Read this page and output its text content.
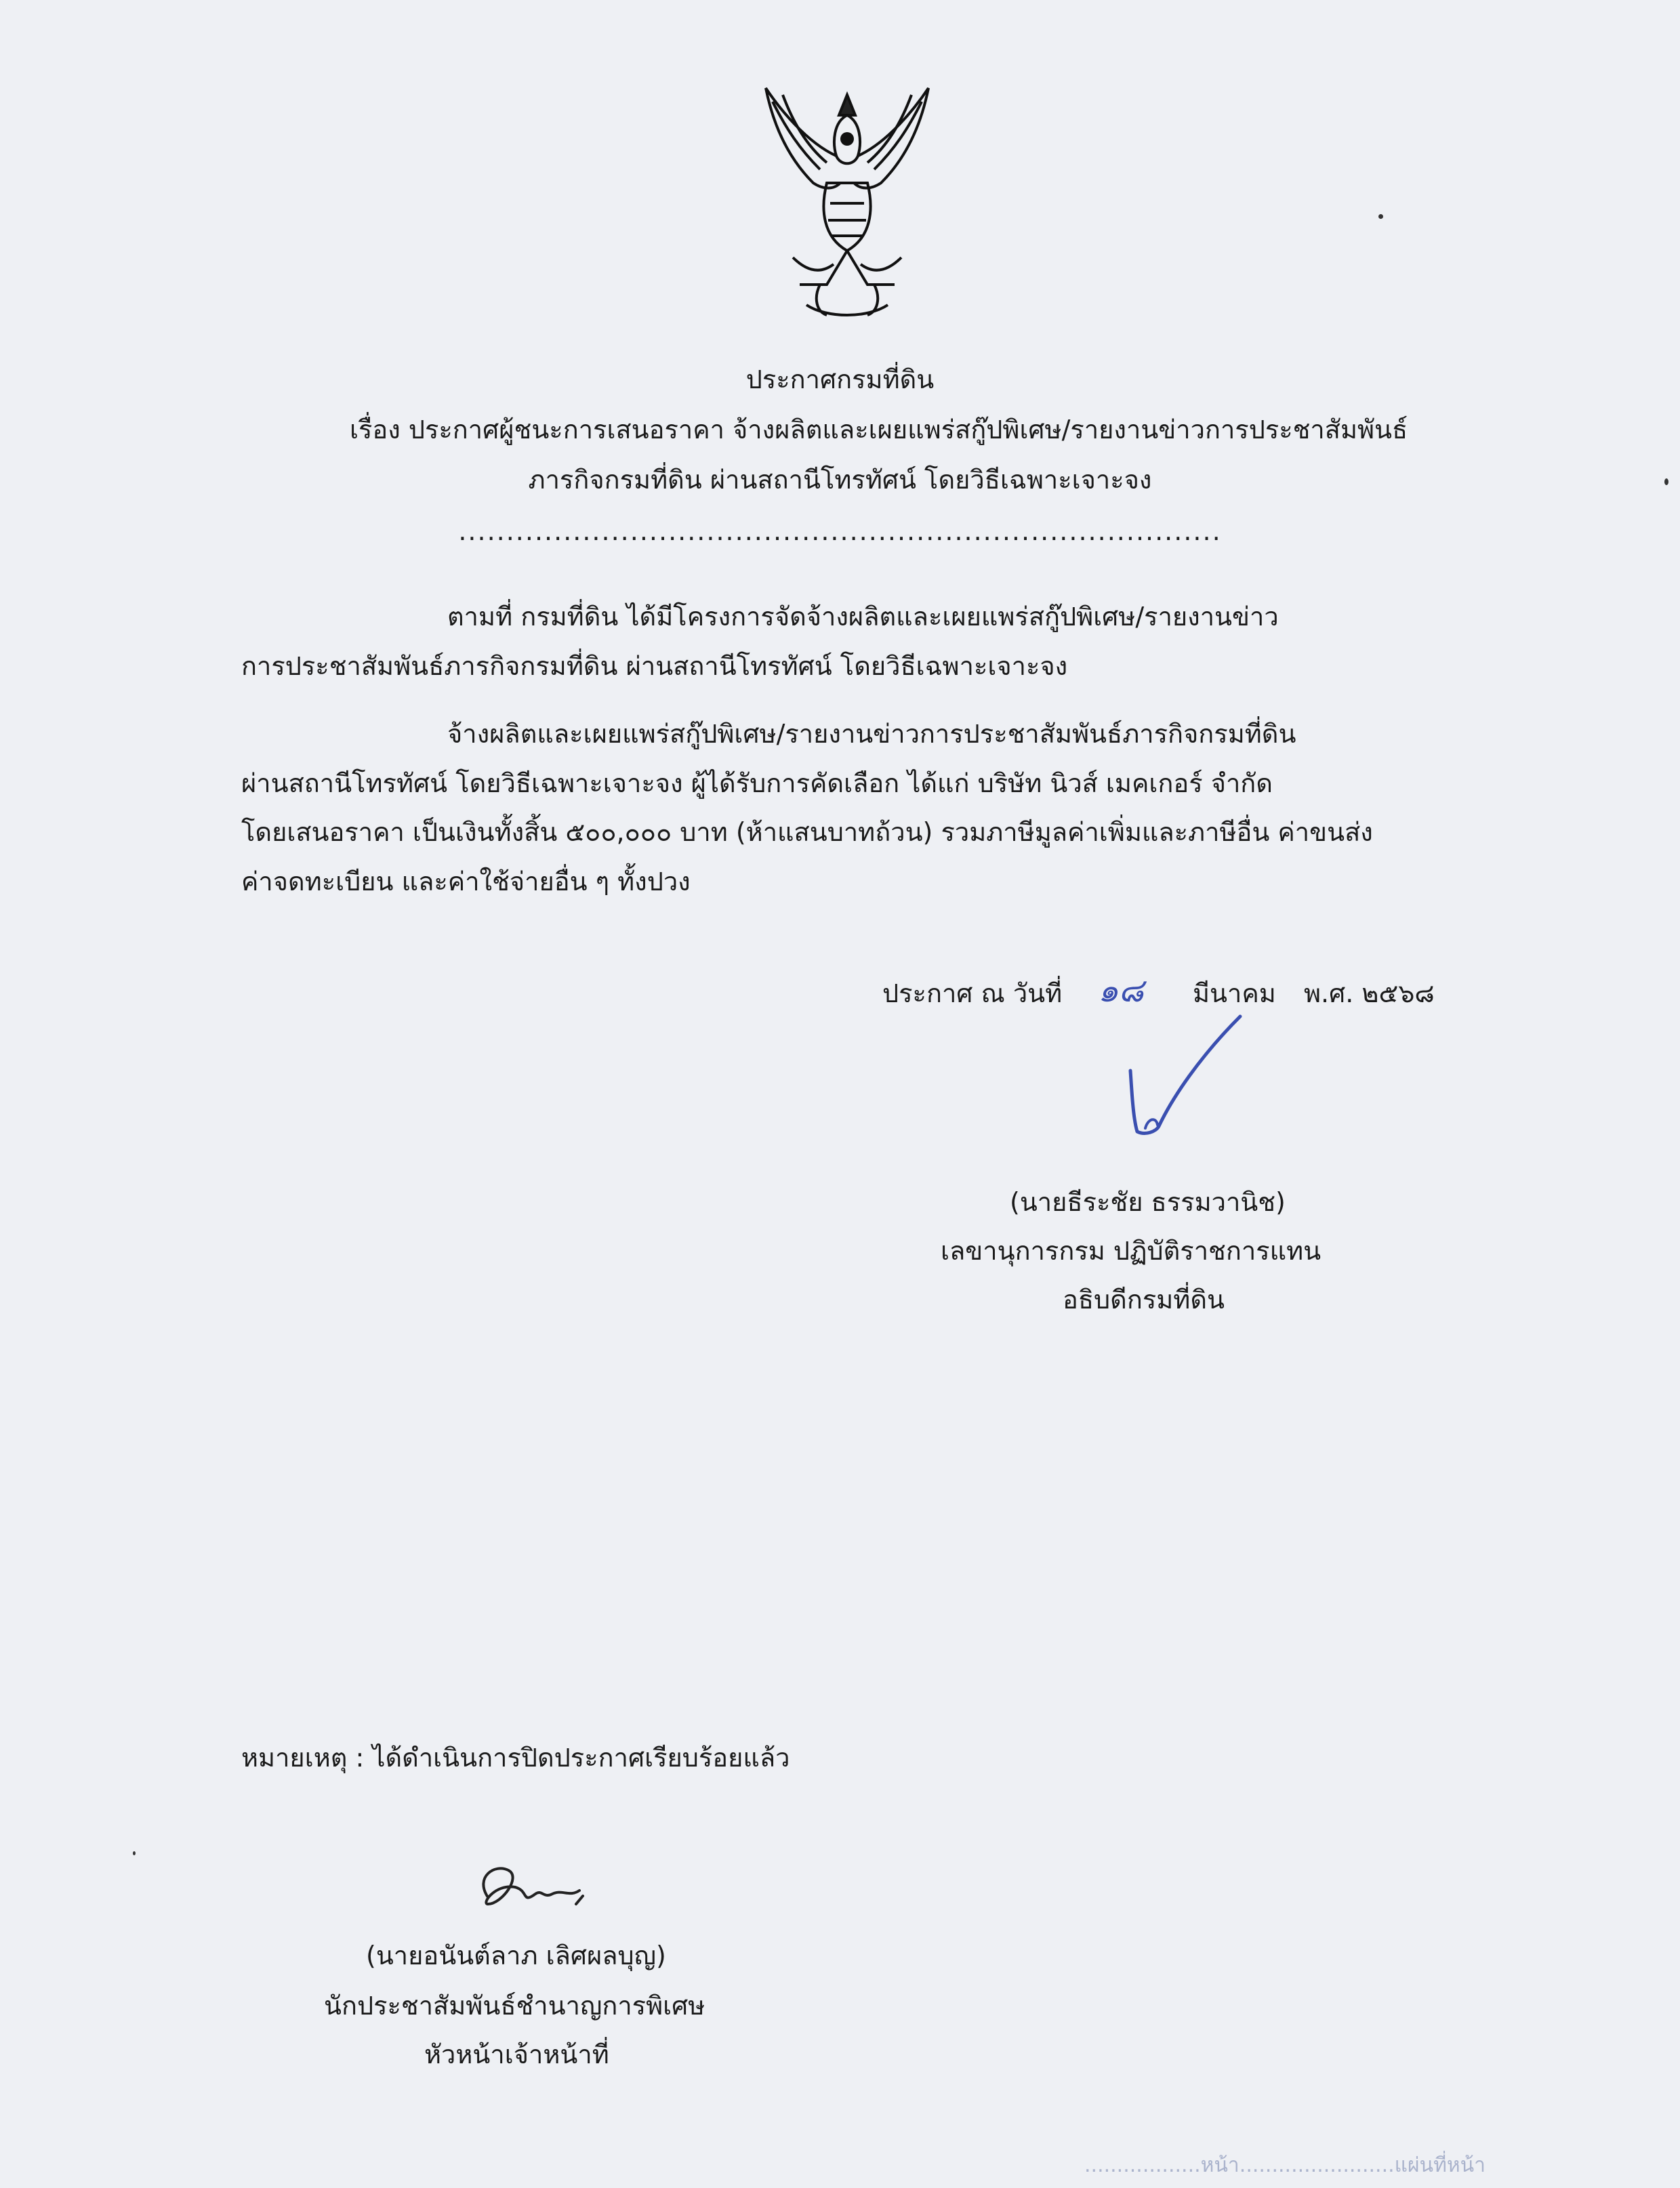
ประกาศกรมที่ดิน
เรื่อง ประกาศผู้ชนะการเสนอราคา จ้างผลิตและเผยแพร่สกู๊ปพิเศษ/รายงานข่าวการประชาสัมพันธ์
ภารกิจกรมที่ดิน ผ่านสถานีโทรทัศน์ โดยวิธีเฉพาะเจาะจง
................................................................................
ตามที่ กรมที่ดิน ได้มีโครงการจัดจ้างผลิตและเผยแพร่สกู๊ปพิเศษ/รายงานข่าว
การประชาสัมพันธ์ภารกิจกรมที่ดิน ผ่านสถานีโทรทัศน์ โดยวิธีเฉพาะเจาะจง
จ้างผลิตและเผยแพร่สกู๊ปพิเศษ/รายงานข่าวการประชาสัมพันธ์ภารกิจกรมที่ดิน
ผ่านสถานีโทรทัศน์ โดยวิธีเฉพาะเจาะจง ผู้ได้รับการคัดเลือก ได้แก่ บริษัท นิวส์ เมคเกอร์ จำกัด
โดยเสนอราคา เป็นเงินทั้งสิ้น ๕๐๐,๐๐๐ บาท (ห้าแสนบาทถ้วน) รวมภาษีมูลค่าเพิ่มและภาษีอื่น ค่าขนส่ง
ค่าจดทะเบียน และค่าใช้จ่ายอื่น ๆ ทั้งปวง
ประกาศ ณ วันที่ ๑๘ มีนาคม พ.ศ. ๒๕๖๘
(นายธีระชัย ธรรมวานิช)
เลขานุการกรม ปฏิบัติราชการแทน
อธิบดีกรมที่ดิน
หมายเหตุ : ได้ดำเนินการปิดประกาศเรียบร้อยแล้ว
(นายอนันต์ลาภ เลิศผลบุญ)
นักประชาสัมพันธ์ชำนาญการพิเศษ
หัวหน้าเจ้าหน้าที่
..................หน้า........................แผ่นที่หน้า
